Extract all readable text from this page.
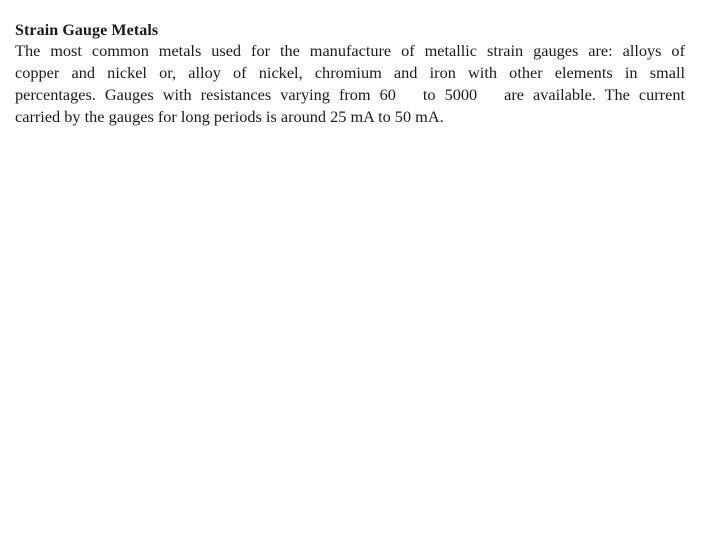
Strain Gauge Metals
The most common metals used for the manufacture of metallic strain gauges are: alloys of
copper and nickel or, alloy of nickel, chromium and iron with other elements in small
percentages. Gauges with resistances varying from 60 to 5000 are available. The current
carried by the gauges for long periods is around 25 mA to 50 mA.
